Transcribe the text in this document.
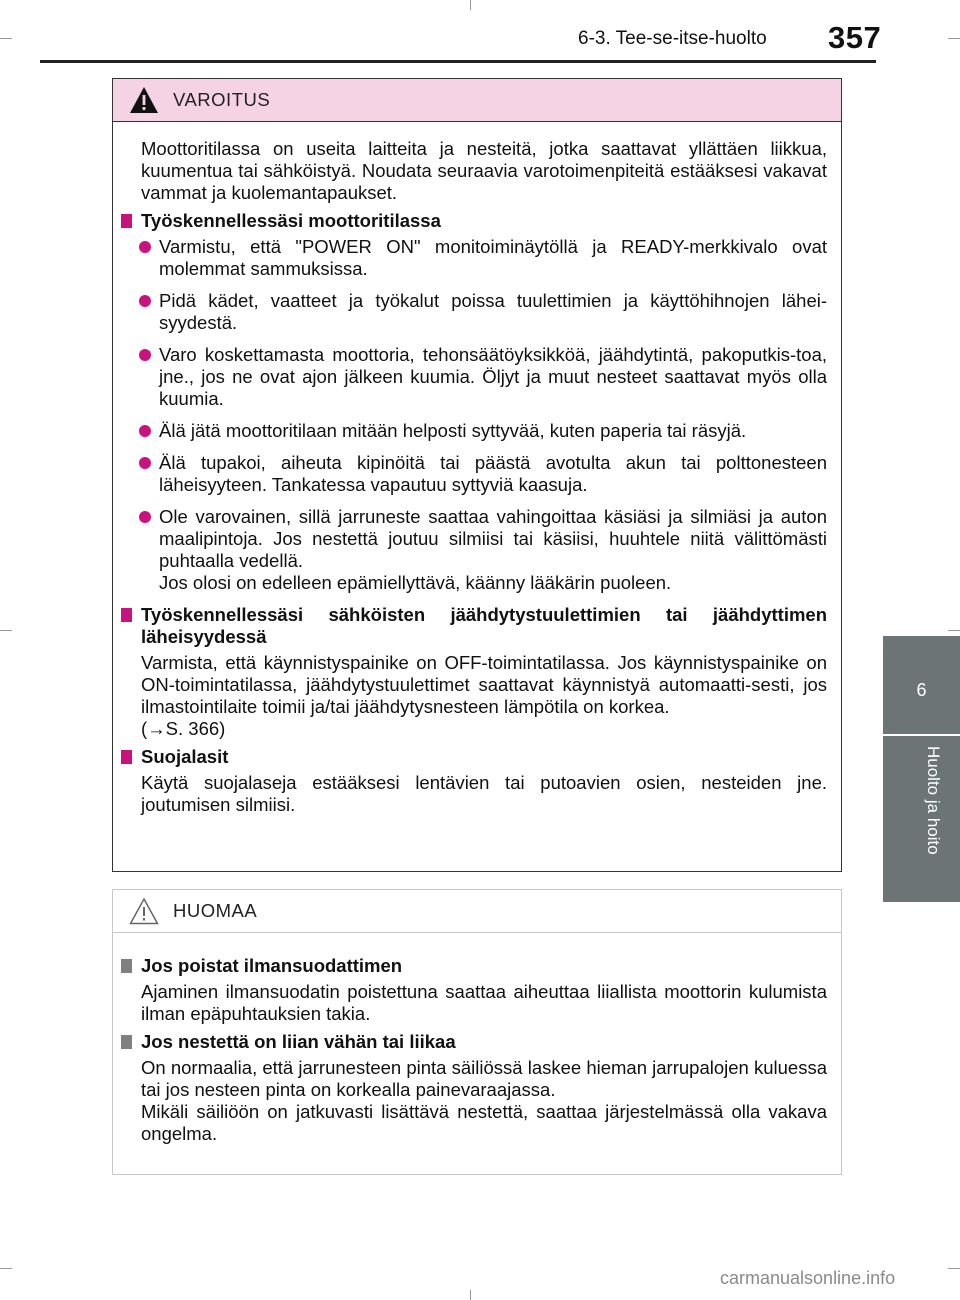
6-3. Tee-se-itse-huolto 357
6
Huolto ja hoito
VAROITUS
Moottoritilassa on useita laitteita ja nesteitä, jotka saattavat yllättäen liikkua, kuumentua tai sähköistyä. Noudata seuraavia varotoimenpiteitä estääksesi vakavat vammat ja kuolemantapaukset.
Työskennellessäsi moottoritilassa
Varmistu, että "POWER ON" monitoiminäytöllä ja READY-merkkivalo ovat molemmat sammuksissa.
Pidä kädet, vaatteet ja työkalut poissa tuulettimien ja käyttöhihnojen lähei-syydestä.
Varo koskettamasta moottoria, tehonsäätöyksikköä, jäähdytintä, pakoputkis-toa, jne., jos ne ovat ajon jälkeen kuumia. Öljyt ja muut nesteet saattavat myös olla kuumia.
Älä jätä moottoritilaan mitään helposti syttyvää, kuten paperia tai räsyjä.
Älä tupakoi, aiheuta kipinöitä tai päästä avotulta akun tai polttonesteen läheisyyteen. Tankatessa vapautuu syttyviä kaasuja.
Ole varovainen, sillä jarruneste saattaa vahingoittaa käsiäsi ja silmiäsi ja auton maalipintoja. Jos nestettä joutuu silmiisi tai käsiisi, huuhtele niitä välittömästi puhtaalla vedellä.
Jos olosi on edelleen epämiellyttävä, käänny lääkärin puoleen.
Työskennellessäsi sähköisten jäähdytystuulettimien tai jäähdyttimen läheisyydessä
Varmista, että käynnistyspainike on OFF-toimintatilassa. Jos käynnistyspainike on ON-toimintatilassa, jäähdytystuulettimet saattavat käynnistyä automaatti-sesti, jos ilmastointilaite toimii ja/tai jäähdytysnesteen lämpötila on korkea.
(→S. 366)
Suojalasit
Käytä suojalaseja estääksesi lentävien tai putoavien osien, nesteiden jne. joutumisen silmiisi.
HUOMAA
Jos poistat ilmansuodattimen
Ajaminen ilmansuodatin poistettuna saattaa aiheuttaa liiallista moottorin kulumista ilman epäpuhtauksien takia.
Jos nestettä on liian vähän tai liikaa
On normaalia, että jarrunesteen pinta säiliössä laskee hieman jarrupalojen kuluessa tai jos nesteen pinta on korkealla painevaraajassa.
Mikäli säiliöön on jatkuvasti lisättävä nestettä, saattaa järjestelmässä olla vakava ongelma.
carmanualsonline.info
